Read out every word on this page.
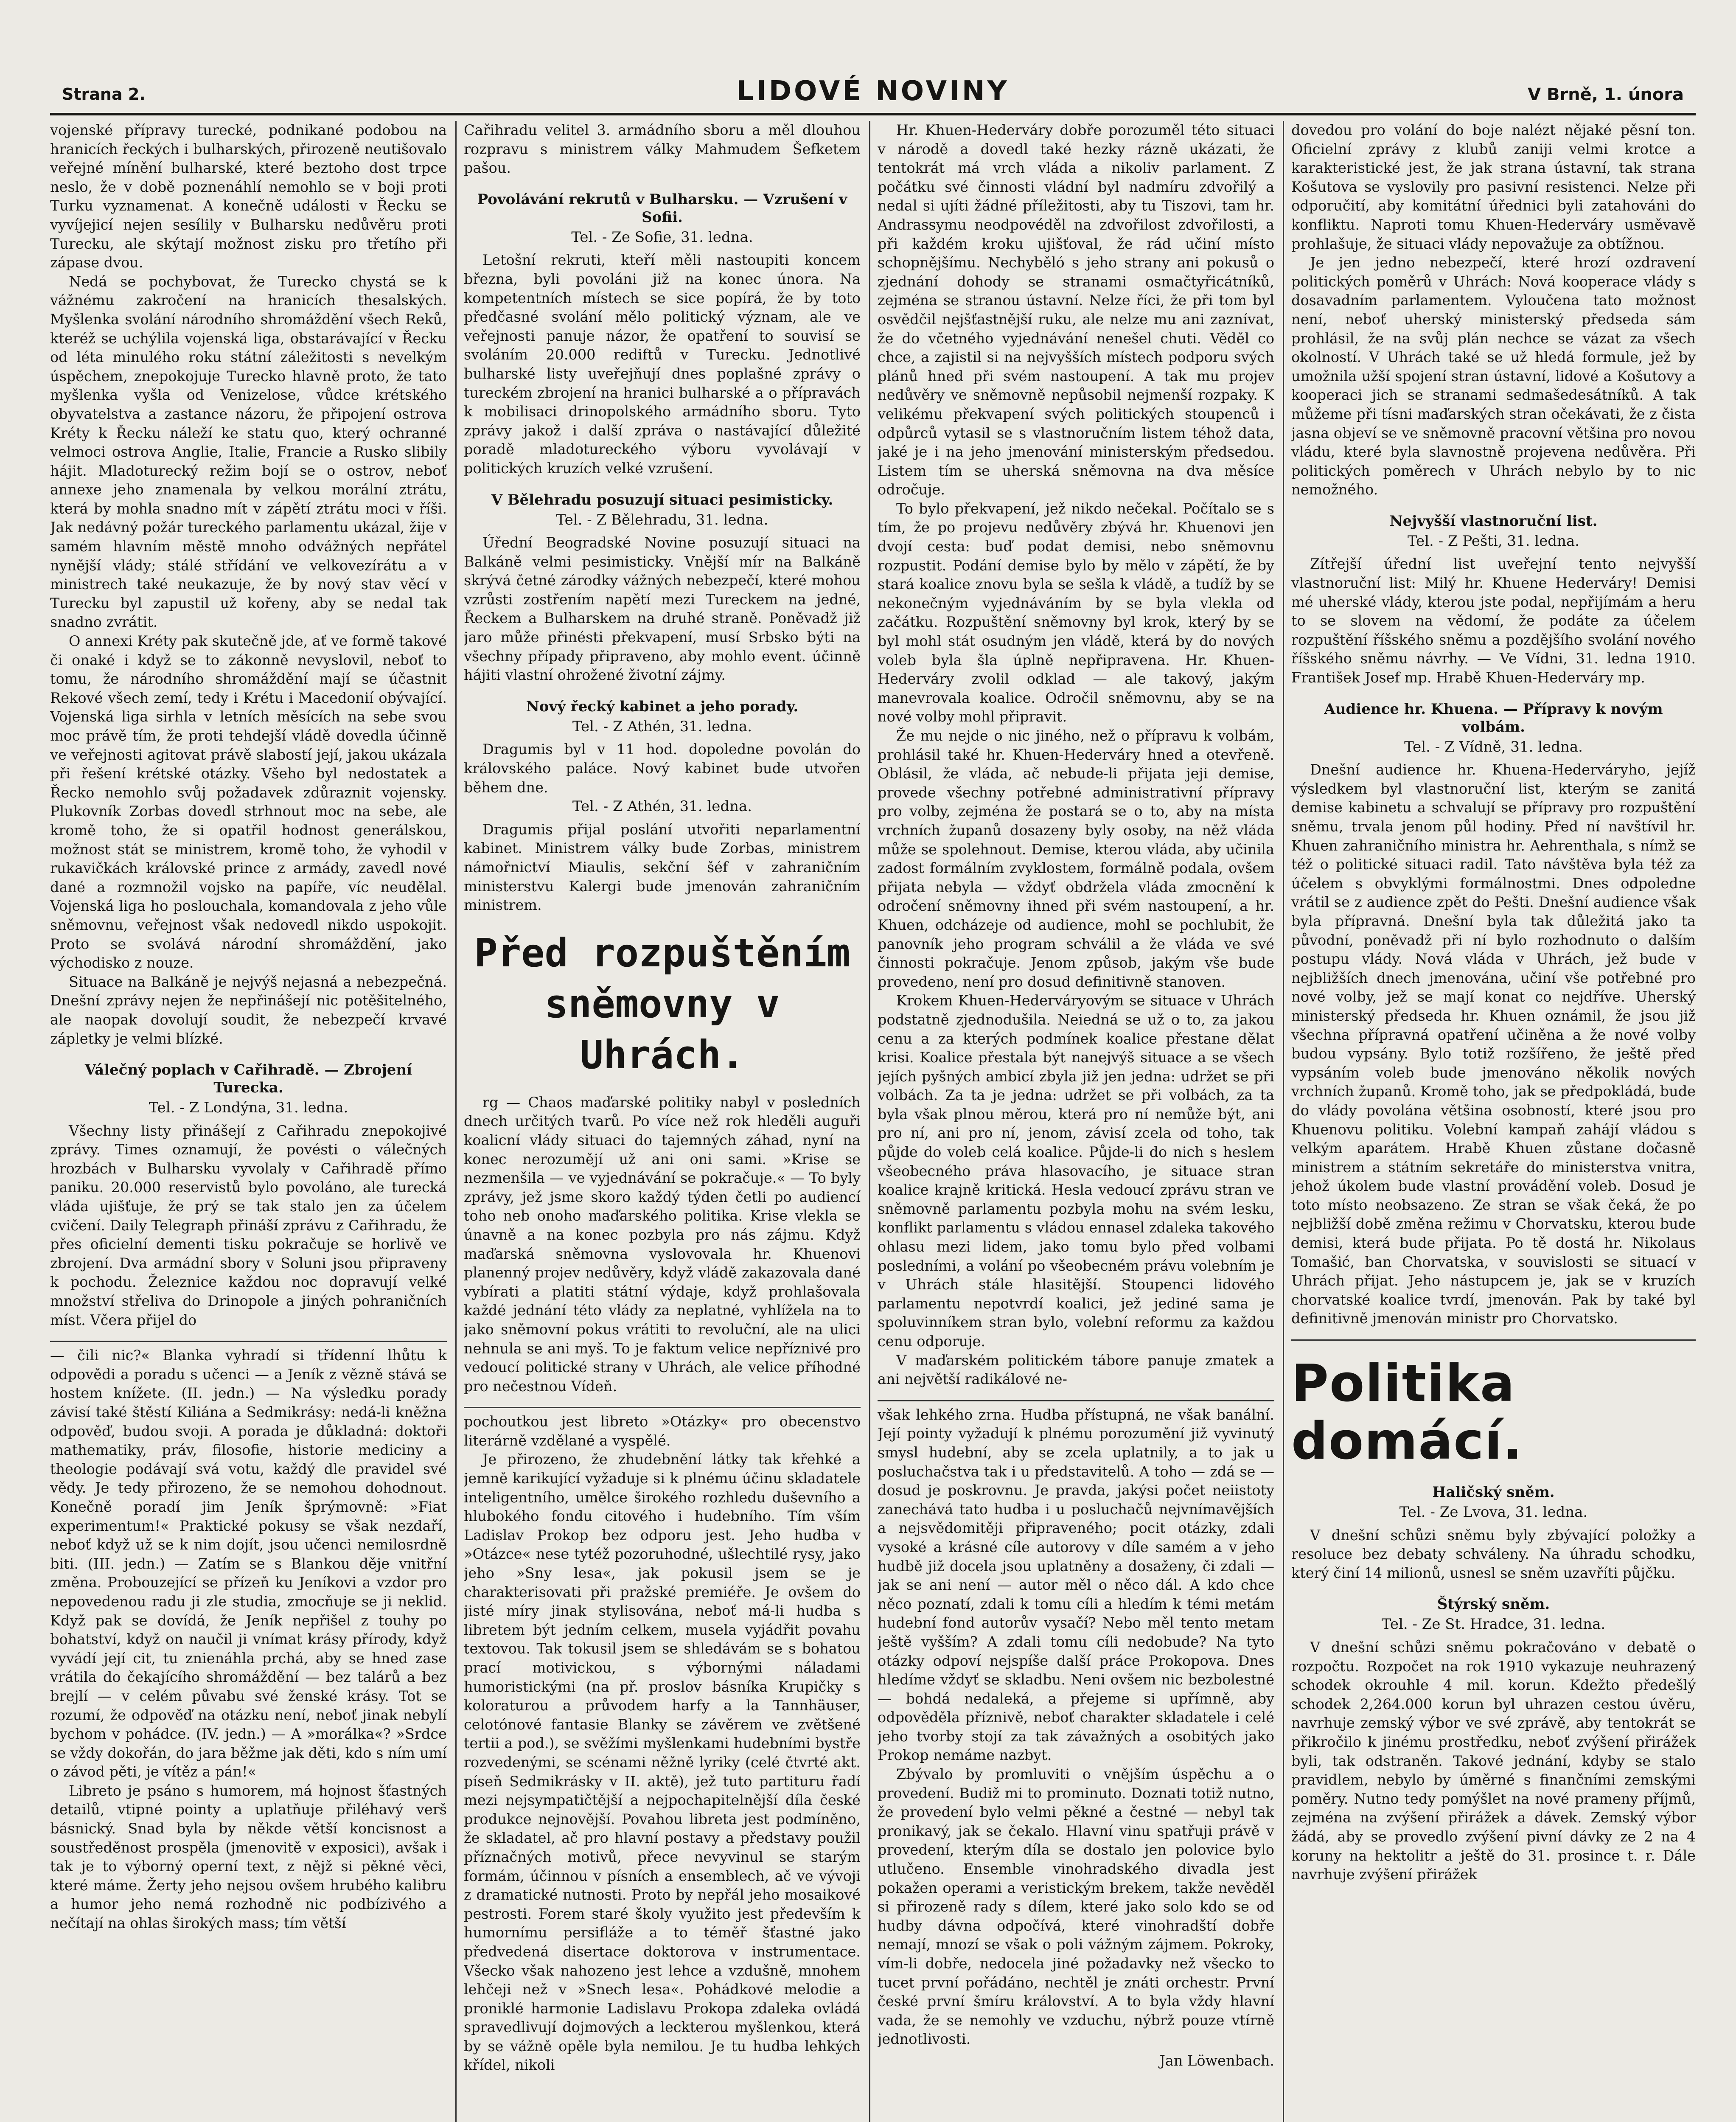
Strana 2.	LIDOVÉ NOVINY	V Brně, 1. února

vojenské přípravy turecké, podnikané podobou na hranicích řeckých i bulharských, přirozeně neutišovalo veřejné mínění bulharské, které beztoho dost trpce neslo, že v době poznenáhlí nemohlo se v boji proti Turku vyznamenat. A konečně události v Řecku se vyvíjejicí nejen sesílily v Bulharsku nedůvěru proti Turecku, ale skýtají možnost zisku pro třetího při zápase dvou.

Nedá se pochybovat, že Turecko chystá se k vážnému zakročení na hranicích thesalských. Myšlenka svolání národního shromáždění všech Reků, kteréž se uchýlila vojenská liga, obstarávající v Řecku od léta minulého roku státní záležitosti s nevelkým úspěchem, znepokojuje Turecko hlavně proto, že tato myšlenka vyšla od Venizelose, vůdce krétského obyvatelstva a zastance názoru, že připojení ostrova Kréty k Řecku náleží ke statu quo, který ochranné velmoci ostrova Anglie, Italie, Francie a Rusko slibily hájit. Mladoturecký režim bojí se o ostrov, neboť annexe jeho znamenala by velkou morální ztrátu, která by mohla snadno mít v zápětí ztrátu moci v říši. Jak nedávný požár tureckého parlamentu ukázal, žije v samém hlavním městě mnoho odvážných nepřátel nynější vlády; stálé střídání ve velkovezírátu a v ministrech také neukazuje, že by nový stav věcí v Turecku byl zapustil už kořeny, aby se nedal tak snadno zvrátit.

O annexi Kréty pak skutečně jde, ať ve formě takové či onaké i když se to zákonně nevyslovil, neboť to tomu, že národního shromáždění mají se účastnit Rekové všech zemí, tedy i Krétu i Macedonií obývající. Vojenská liga sirhla v letních měsících na sebe svou moc právě tím, že proti tehdejší vládě dovedla účinně ve veřejnosti agitovat právě slabostí její, jakou ukázala při řešení krétské otázky. Všeho byl nedostatek a Řecko nemohlo svůj požadavek zdůraznit vojensky. Plukovník Zorbas dovedl strhnout moc na sebe, ale kromě toho, že si opatřil hodnost generálskou, možnost stát se ministrem, kromě toho, že vyhodil v rukavičkách královské prince z armády, zavedl nové dané a rozmnožil vojsko na papíře, víc neudělal. Vojenská liga ho poslouchala, komandovala z jeho vůle sněmovnu, veřejnost však nedovedl nikdo uspokojit. Proto se svolává národní shromáždění, jako východisko z nouze.

Situace na Balkáně je nejvýš nejasná a nebezpečná. Dnešní zprávy nejen že nepřinášejí nic potěšitelného, ale naopak dovolují soudit, že nebezpečí krvavé zápletky je velmi blízké.

Válečný poplach v Cařihradě. — Zbrojení Turecka.
Tel. - Z Londýna, 31. ledna.

Všechny listy přinášejí z Cařihradu znepokojivé zprávy. Times oznamují, že povésti o válečných hrozbách v Bulharsku vyvolaly v Cařihradě přímo paniku. 20.000 reservistů bylo povoláno, ale turecká vláda ujišťuje, že prý se tak stalo jen za účelem cvičení. Daily Telegraph přináší zprávu z Cařihradu, že přes oficielní dementi tisku pokračuje se horlivě ve zbrojení. Dva armádní sbory v Soluni jsou připraveny k pochodu. Železnice každou noc dopravují velké množství střeliva do Drinopole a jiných pohraničních míst. Včera přijel do

— čili nic?« Blanka vyhradí si třídenní lhůtu k odpovědi a poradu s učenci — a Jeník z vězně stává se hostem knížete. (II. jedn.) — Na výsledku porady závisí také štěstí Kiliána a Sedmikrásy: nedá-li kněžna odpověď, budou svoji. A porada je důkladná: doktoři mathematiky, práv, filosofie, historie mediciny a theologie podávají svá votu, každý dle pravidel své vědy. Je tedy přirozeno, že se nemohou dohodnout. Konečně poradí jim Jeník šprýmovně: »Fiat experimentum!« Praktické pokusy se však nezdaří, neboť když už se k nim dojít, jsou učenci nemilosrdně biti. (III. jedn.) — Zatím se s Blankou děje vnitřní změna. Probouzející se přízeň ku Jeníkovi a vzdor pro nepovedenou radu ji zle studia, zmocňuje se ji neklid. Když pak se dovídá, že Jeník nepřišel z touhy po bohatství, když on naučil ji vnímat krásy přírody, když vyvádí její cit, tu znienáhla prchá, aby se hned zase vrátila do čekajícího shromáždění — bez talárů a bez brejlí — v celém půvabu své ženské krásy. Tot se rozumí, že odpověď na otázku není, neboť jinak nebylí bychom v pohádce. (IV. jedn.) — A »morálka«? »Srdce se vždy dokořán, do jara běžme jak děti, kdo s ním umí o závod pěti, je vítěz a pán!«

Libreto je psáno s humorem, má hojnost šťastných detailů, vtipné pointy a uplatňuje přiléhavý verš básnický. Snad byla by někde větší koncisnost a soustředěnost prospěla (jmenovitě v exposici), avšak i tak je to výborný operní text, z nějž si pěkné věci, které máme. Žerty jeho nejsou ovšem hrubého kalibru a humor jeho nemá rozhodně nic podbízivého a nečítají na ohlas širokých mass; tím větší

Cařihradu velitel 3. armádního sboru a měl dlouhou rozpravu s ministrem války Mahmudem Šefketem pašou.

Povolávání rekrutů v Bulharsku. — Vzrušení v Sofii.
Tel. - Ze Sofie, 31. ledna.

Letošní rekruti, kteří měli nastoupiti koncem března, byli povoláni již na konec února. Na kompetentních místech se sice popírá, že by toto předčasné svolání mělo politický význam, ale ve veřejnosti panuje názor, že opatření to souvisí se svoláním 20.000 rediftů v Turecku. Jednotlivé bulharské listy uveřejňují dnes poplašné zprávy o tureckém zbrojení na hranici bulharské a o přípravách k mobilisaci drinopolského armádního sboru. Tyto zprávy jakož i další zpráva o nastávající důležité poradě mladotureckého výboru vyvolávají v politických kruzích velké vzrušení.

V Bělehradu posuzují situaci pesimisticky.
Tel. - Z Bělehradu, 31. ledna.

Úřední Beogradské Novine posuzují situaci na Balkáně velmi pesimisticky. Vnější mír na Balkáně skrývá četné zárodky vážných nebezpečí, které mohou vzrůsti zostřením napětí mezi Tureckem na jedné, Řeckem a Bulharskem na druhé straně. Poněvadž již jaro může přinésti překvapení, musí Srbsko býti na všechny případy připraveno, aby mohlo event. účinně hájiti vlastní ohrožené životní zájmy.

Nový řecký kabinet a jeho porady.
Tel. - Z Athén, 31. ledna.

Dragumis byl v 11 hod. dopoledne povolán do královského paláce. Nový kabinet bude utvořen během dne.

Tel. - Z Athén, 31. ledna.

Dragumis přijal poslání utvořiti neparlamentní kabinet. Ministrem války bude Zorbas, ministrem námořnictví Miaulis, sekční šéf v zahraničním ministerstvu Kalergi bude jmenován zahraničním ministrem.

Před rozpuštěním sněmovny v Uhrách.

rg — Chaos maďarské politiky nabyl v posledních dnech určitých tvarů. Po více než rok hleděli auguři koalicní vlády situaci do tajemných záhad, nyní na konec nerozumějí už ani oni sami. »Krise se nezmenšila — ve vyjednávání se pokračuje.« — To byly zprávy, jež jsme skoro každý týden četli po audiencí toho neb onoho maďarského politika. Krise vlekla se únavně a na konec pozbyla pro nás zájmu. Když maďarská sněmovna vyslovovala hr. Khuenovi planenný projev nedůvěry, když vládě zakazovala dané vybírati a platiti státní výdaje, když prohlašovala každé jednání této vlády za neplatné, vyhlížela na to jako sněmovní pokus vrátiti to revoluční, ale na ulici nehnula se ani myš. To je faktum velice nepříznivé pro vedoucí politické strany v Uhrách, ale velice příhodné pro nečestnou Vídeň.

pochoutkou jest libreto »Otázky« pro obecenstvo literárně vzdělané a vyspělé.

Je přirozeno, že zhudebnění látky tak křehké a jemně karikující vyžaduje si k plnému účinu skladatele inteligentního, umělce širokého rozhledu duševního a hlubokého fondu citového i hudebního. Tím vším Ladislav Prokop bez odporu jest. Jeho hudba v »Otázce« nese tytéž pozoruhodné, ušlechtilé rysy, jako jeho »Sny lesa«, jak pokusil jsem se je charakterisovati při pražské premiéře. Je ovšem do jisté míry jinak stylisována, neboť má-li hudba s libretem být jedním celkem, musela vyjádřit povahu textovou. Tak tokusil jsem se shledávám se s bohatou prací motivickou, s výbornými náladami humoristickými (na př. proslov básníka Krupičky s koloraturou a průvodem harfy a la Tannhäuser, celotónové fantasie Blanky se závěrem ve zvětšené tertii a pod.), se svěžími myšlenkami hudebními bystře rozvedenými, se scénami něžně lyriky (celé čtvrté akt. píseň Sedmikrásky v II. aktě), jež tuto partituru řadí mezi nejsympatičtější a nejpochapitelnější díla české produkce nejnovější. Povahou libreta jest podmíněno, že skladatel, ač pro hlavní postavy a představy použil příznačných motivů, přece nevyvinul se starým formám, účinnou v písních a ensemblech, ač ve vývoji z dramatické nutnosti. Proto by nepřál jeho mosaikové pestrosti. Forem staré školy využito jest především k humornímu persifláže a to téměř šťastné jako předvedená disertace doktorova v instrumentace. Všecko však nahozeno jest lehce a vzdušně, mnohem lehčeji než v »Snech lesa«. Pohádkové melodie a proniklé harmonie Ladislavu Prokopa zdaleka ovládá spravedlivují dojmových a leckterou myšlenkou, která by se vážně opěle byla nemilou. Je tu hudba lehkých křídel, nikoli

Hr. Khuen-Hederváry dobře porozuměl této situaci v národě a dovedl také hezky rázně ukázati, že tentokrát má vrch vláda a nikoliv parlament. Z počátku své činnosti vládní byl nadmíru zdvořilý a nedal si ujíti žádné příležitosti, aby tu Tiszovi, tam hr. Andrassymu neodpovéděl na zdvořilost zdvořilosti, a při každém kroku ujišťoval, že rád učiní místo schopnějšímu. Nechyběló s jeho strany ani pokusů o zjednání dohody se stranami osmačtyřicátníků, zejména se stranou ústavní. Nelze říci, že při tom byl osvědčil nejšťastnější ruku, ale nelze mu ani zaznívat, že do včetného vyjednávání nenešel chuti. Věděl co chce, a zajistil si na nejvyšších místech podporu svých plánů hned při svém nastoupení. A tak mu projev nedůvěry ve sněmovně nepůsobil nejmenší rozpaky. K velikému překvapení svých politických stoupenců i odpůrců vytasil se s vlastnoručním listem téhož data, jaké je i na jeho jmenování ministerským předsedou. Listem tím se uherská sněmovna na dva měsíce odročuje.

To bylo překvapení, jež nikdo nečekal. Počítalo se s tím, že po projevu nedůvěry zbývá hr. Khuenovi jen dvojí cesta: buď podat demisi, nebo sněmovnu rozpustit. Podání demise bylo by mělo v zápětí, že by stará koalice znovu byla se sešla k vládě, a tudíž by se nekonečným vyjednáváním by se byla vlekla od začátku. Rozpuštění sněmovny byl krok, který by se byl mohl stát osudným jen vládě, která by do nových voleb byla šla úplně nepřipravena. Hr. Khuen-Hederváry zvolil odklad — ale takový, jakým manevrovala koalice. Odročil sněmovnu, aby se na nové volby mohl připravit.

Že mu nejde o nic jiného, než o přípravu k volbám, prohlásil také hr. Khuen-Hederváry hned a otevřeně. Oblásil, že vláda, ač nebude-li přijata jeji demise, provede všechny potřebné administrativní přípravy pro volby, zejména že postará se o to, aby na místa vrchních županů dosazeny byly osoby, na něž vláda může se spolehnout. Demise, kterou vláda, aby učinila zadost formálním zvyklostem, formálně podala, ovšem přijata nebyla — vždyť obdržela vláda zmocnění k odročení sněmovny ihned při svém nastoupení, a hr. Khuen, odcházeje od audience, mohl se pochlubit, že panovník jeho program schválil a že vláda ve své činnosti pokračuje. Jenom způsob, jakým vše bude provedeno, není pro dosud definitivně stanoven.

Krokem Khuen-Hederváryovým se situace v Uhrách podstatně zjednodušila. Neiedná se už o to, za jakou cenu a za kterých podmínek koalice přestane dělat krisi. Koalice přestala být nanejvýš situace a se všech jejích pyšných ambicí zbyla již jen jedna: udržet se při volbách. Za ta je jedna: udržet se při volbách, za ta byla však plnou měrou, která pro ní nemůže být, ani pro ní, ani pro ní, jenom, závisí zcela od toho, tak půjde do voleb celá koalice. Půjde-li do nich s heslem všeobecného práva hlasovacího, je situace stran koalice krajně kritická. Hesla vedoucí zprávu stran ve sněmovně parlamentu pozbyla mohu na svém lesku, konflikt parlamentu s vládou ennasel zdaleka takového ohlasu mezi lidem, jako tomu bylo před volbami posledními, a volání po všeobecném právu volebním je v Uhrách stále hlasitější. Stoupenci lidového parlamentu nepotvrdí koalici, jež jediné sama je spoluvinníkem stran bylo, volební reformu za každou cenu odporuje.

V maďarském politickém tábore panuje zmatek a ani největší radikálové ne-

však lehkého zrna. Hudba přístupná, ne však banální. Její pointy vyžadují k plnému porozumění již vyvinutý smysl hudební, aby se zcela uplatnily, a to jak u posluchačstva tak i u představitelů. A toho — zdá se — dosud je poskrovnu. Je pravda, jakýsi počet neiistoty zanechává tato hudba i u posluchačů nejvnímavějších a nejsvědomitěji připraveného; pocit otázky, zdali vysoké a krásné cíle autorovy v díle samém a v jeho hudbě již docela jsou uplatněny a dosaženy, či zdali — jak se ani není — autor měl o něco dál. A kdo chce něco poznatí, zdali k tomu cíli a hledím k témi metám hudební fond autorův vysačí? Nebo měl tento metam ještě vyšším? A zdali tomu cíli nedobude? Na tyto otázky odpoví nejspíše další práce Prokopova. Dnes hledíme vždyť se skladbu. Neni ovšem nic bezbolestné — bohdá nedaleká, a přejeme si upřímně, aby odpověděla příznivě, neboť charakter skladatele i celé jeho tvorby stojí za tak závažných a osobitých jako Prokop nemáme nazbyt.

Zbývalo by promluviti o vnějším úspěchu a o provedení. Budiž mi to prominuto. Doznati totiž nutno, že provedení bylo velmi pěkné a čestné — nebyl tak pronikavý, jak se čekalo. Hlavní vinu spatřuji právě v provedení, kterým díla se dostalo jen polovice bylo utlučeno. Ensemble vinohradského divadla jest pokažen operami a veristickým brekem, takže nevěděl si přirozeně rady s dílem, které jako solo kdo se od hudby dávna odpočívá, které vinohradští dobře nemají, mnozí se však o poli vážným zájmem. Pokroky, vím-li dobře, nedocela jiné požadavky než všecko to tucet první pořádáno, nechtěl je znáti orchestr. První české první šmíru království. A to byla vždy hlavní vada, že se nemohly ve vzduchu, nýbrž pouze vtírně jednotlivosti.

Jan Löwenbach.

dovedou pro volání do boje nalézt nějaké pěsní ton. Oficielní zprávy z klubů zaniji velmi krotce a karakteristické jest, že jak strana ústavní, tak strana Košutova se vyslovily pro pasivní resistenci. Nelze při odporučití, aby komitátní úřednici byli zatahováni do konfliktu. Naproti tomu Khuen-Hederváry usměvavě prohlašuje, že situaci vlády nepovažuje za obtížnou.

Je jen jedno nebezpečí, které hrozí ozdravení politických poměrů v Uhrách: Nová kooperace vlády s dosavadním parlamentem. Vyloučena tato možnost není, neboť uherský ministerský předseda sám prohlásil, že na svůj plán nechce se vázat za všech okolností. V Uhrách také se už hledá formule, jež by umožnila užší spojení stran ústavní, lidové a Košutovy a kooperaci jich se stranami sedmašedesátníků. A tak můžeme při tísni maďarských stran očekávati, že z čista jasna objeví se ve sněmovně pracovní většina pro novou vládu, které byla slavnostně projevena nedůvěra. Při politických poměrech v Uhrách nebylo by to nic nemožného.

Nejvyšší vlastnoruční list.
Tel. - Z Pešti, 31. ledna.

Zítřejší úřední list uveřejní tento nejvyšší vlastnoruční list: Milý hr. Khuene Hederváry! Demisi mé uherské vlády, kterou jste podal, nepřijímám a heru to se slovem na vědomí, že podáte za účelem rozpuštění říšského sněmu a pozdějšího svolání nového říšského sněmu návrhy. — Ve Vídni, 31. ledna 1910. František Josef mp. Hrabě Khuen-Hederváry mp.

Audience hr. Khuena. — Přípravy k novým volbám.
Tel. - Z Vídně, 31. ledna.

Dnešní audience hr. Khuena-Hederváryho, jejíž výsledkem byl vlastnoruční list, kterým se zanitá demise kabinetu a schvalují se přípravy pro rozpuštění sněmu, trvala jenom půl hodiny. Před ní navštívil hr. Khuen zahraničního ministra hr. Aehrenthala, s nímž se též o politické situaci radil. Tato návštěva byla též za účelem s obvyklými formálnostmi. Dnes odpoledne vrátil se z audience zpět do Pešti. Dnešní audience však byla přípravná. Dnešní byla tak důležitá jako ta původní, poněvadž při ní bylo rozhodnuto o dalším postupu vlády. Nová vláda v Uhrách, jež bude v nejbližších dnech jmenována, učiní vše potřebné pro nové volby, jež se mají konat co nejdříve. Uherský ministerský předseda hr. Khuen oznámil, že jsou již všechna přípravná opatření učiněna a že nové volby budou vypsány. Bylo totiž rozšířeno, že ještě před vypsáním voleb bude jmenováno několik nových vrchních županů. Kromě toho, jak se předpokládá, bude do vlády povolána většina osobností, které jsou pro Khuenovu politiku. Volební kampaň zahájí vládou s velkým aparátem. Hrabě Khuen zůstane dočasně ministrem a státním sekretáře do ministerstva vnitra, jehož úkolem bude vlastní provádění voleb. Dosud je toto místo neobsazeno. Ze stran se však čeká, že po nejbližší době změna režimu v Chorvatsku, kterou bude demisi, která bude přijata. Po tě dostá hr. Nikolaus Tomašić, ban Chorvatska, v souvislosti se situací v Uhrách přijat. Jeho nástupcem je, jak se v kruzích chorvatské koalice tvrdí, jmenován. Pak by také byl definitivně jmenován ministr pro Chorvatsko.

Politika domácí.
Haličský sněm.
Tel. - Ze Lvova, 31. ledna.

V dnešní schůzi sněmu byly zbývající položky a resoluce bez debaty schváleny. Na úhradu schodku, který činí 14 milionů, usnesl se sněm uzavříti půjčku.

Štýrský sněm.
Tel. - Ze St. Hradce, 31. ledna.

V dnešní schůzi sněmu pokračováno v debatě o rozpočtu. Rozpočet na rok 1910 vykazuje neuhrazený schodek okrouhle 4 mil. korun. Kdežto předešlý schodek 2,264.000 korun byl uhrazen cestou úvěru, navrhuje zemský výbor ve své zprávě, aby tentokrát se přikročilo k jinému prostředku, neboť zvýšení přirážek byli, tak odstraněn. Takové jednání, kdyby se stalo pravidlem, nebylo by úměrné s finančními zemskými poměry. Nutno tedy pomýšlet na nové prameny příjmů, zejména na zvýšení přirážek a dávek. Zemský výbor žádá, aby se provedlo zvýšení pivní dávky ze 2 na 4 koruny na hektolitr a ještě do 31. prosince t. r. Dále navrhuje zvýšení přirážek
